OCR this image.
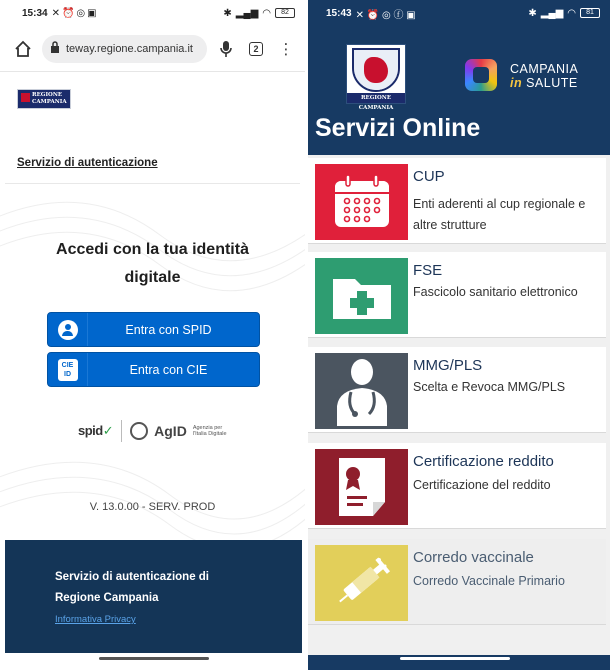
15:34 ✕ ⏰ ◎ ▣	✱ ▂▄▆ ◠	82
teway.regione.campania.it	2	⋮
REGIONE CAMPANIA
Servizio di autenticazione
Accedi con la tua identità digitale
Entra con SPID
CIE ID	Entra con CIE
spid✓	AgID Agenzia per l'Italia Digitale
V. 13.0.00 - SERV. PROD
Servizio di autenticazione di
Regione Campania
Informativa Privacy
15:43 ✕ ⏰ ◎ ⓕ ▣	✱ ▂▄▆ ◠	81
REGIONE CAMPANIA
CAMPANIA
in SALUTE
Servizi Online
CUP
Enti aderenti al cup regionale e altre strutture
FSE
Fascicolo sanitario elettronico
MMG/PLS
Scelta e Revoca MMG/PLS
Certificazione reddito
Certificazione del reddito
Corredo vaccinale
Corredo Vaccinale Primario
